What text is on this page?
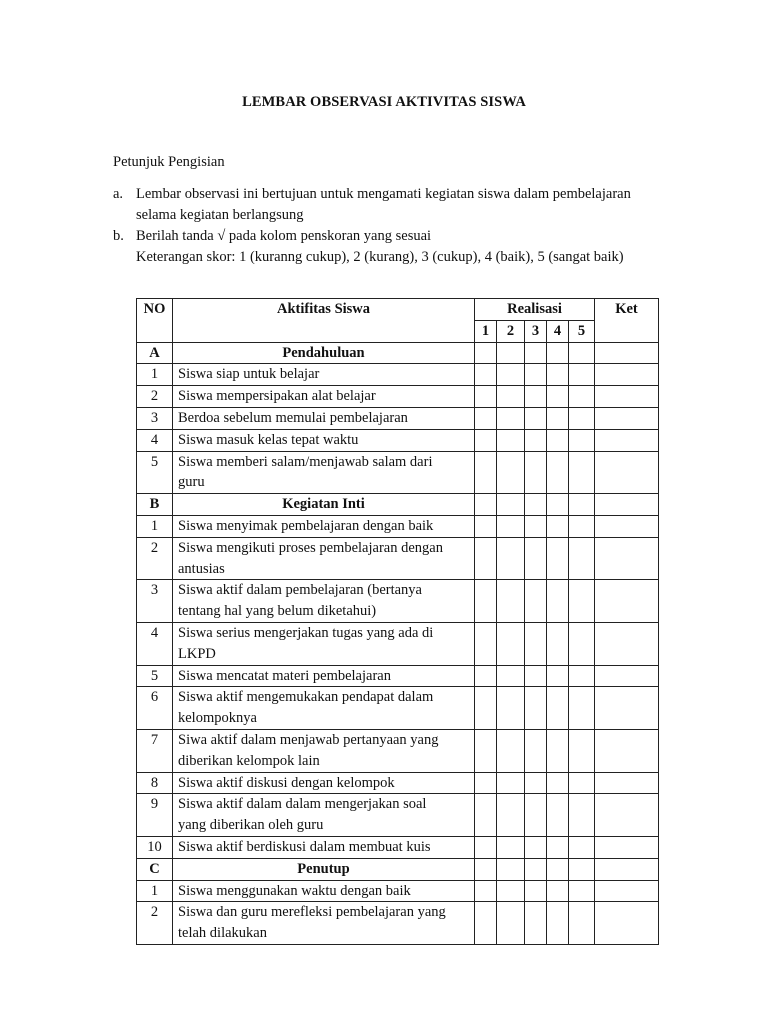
LEMBAR OBSERVASI AKTIVITAS SISWA
Petunjuk Pengisian
a. Lembar observasi ini bertujuan untuk mengamati kegiatan siswa dalam pembelajaran
selama kegiatan berlangsung
b. Berilah tanda √ pada kolom penskoran yang sesuai
Keterangan skor: 1 (kuranng cukup), 2 (kurang), 3 (cukup), 4 (baik), 5 (sangat baik)
NO	Aktifitas Siswa	Realisasi					Ket
		1	2	3	4	5	
A	Pendahuluan						
1	Siswa siap untuk belajar						

2	Siswa mempersipakan alat belajar						

3	Berdoa sebelum memulai pembelajaran						

4	Siswa masuk kelas tepat waktu						

5	Siswa memberi salam/menjawab salam dari
guru						

B	Kegiatan Inti						
1	Siswa menyimak pembelajaran dengan baik						

2	Siswa mengikuti proses pembelajaran dengan
antusias						

3	Siswa aktif dalam pembelajaran (bertanya
tentang hal yang belum diketahui)						

4	Siswa serius mengerjakan tugas yang ada di
LKPD						

5	Siswa mencatat materi pembelajaran						

6	Siswa aktif mengemukakan pendapat dalam
kelompoknya						

7	Siwa aktif dalam menjawab pertanyaan yang
diberikan kelompok lain						

8	Siswa aktif diskusi dengan kelompok						

9	Siswa aktif dalam dalam mengerjakan soal
yang diberikan oleh guru						

10	Siswa aktif berdiskusi dalam membuat kuis						

C	Penutup						
1	Siswa menggunakan waktu dengan baik						

2	Siswa dan guru merefleksi pembelajaran yang
telah dilakukan						
